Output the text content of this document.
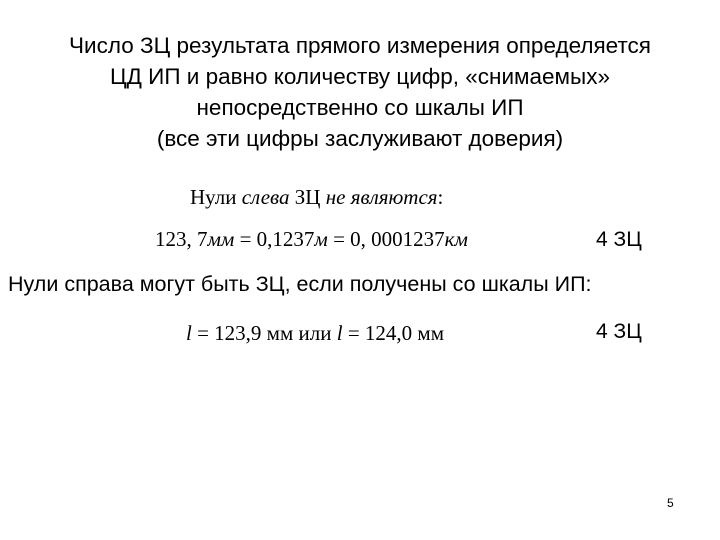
Число ЗЦ результата прямого измерения определяется
ЦД ИП и равно количеству цифр, «снимаемых»
непосредственно со шкалы ИП
(все эти цифры заслуживают доверия)
Нули слева ЗЦ не являются:
123, 7мм = 0,1237м = 0, 0001237км	4 ЗЦ
Нули справа могут быть ЗЦ, если получены со шкалы ИП:
l = 123,9 мм или l = 124,0 мм	4 ЗЦ
5
